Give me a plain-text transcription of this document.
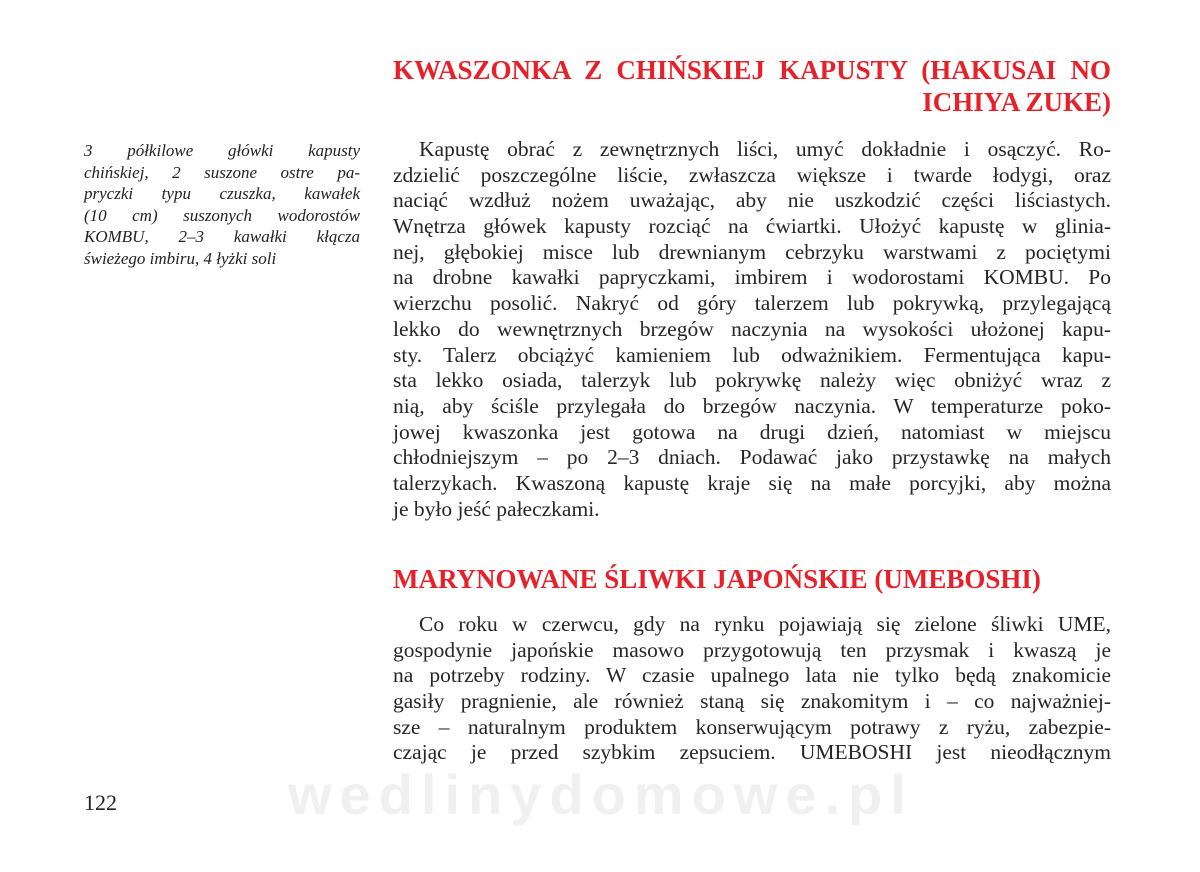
KWASZONKA Z CHIŃSKIEJ KAPUSTY (HAKUSAI NO
ICHIYA ZUKE)
3 półkilowe główki kapusty
chińskiej, 2 suszone ostre pa-
pryczki typu czuszka, kawałek
(10 cm) suszonych wodorostów
KOMBU, 2–3 kawałki kłącza
świeżego imbiru, 4 łyżki soli
Kapustę obrać z zewnętrznych liści, umyć dokładnie i osączyć. Ro-
zdzielić poszczególne liście, zwłaszcza większe i twarde łodygi, oraz
naciąć wzdłuż nożem uważając, aby nie uszkodzić części liściastych.
Wnętrza główek kapusty rozciąć na ćwiartki. Ułożyć kapustę w glinia-
nej, głębokiej misce lub drewnianym cebrzyku warstwami z pociętymi
na drobne kawałki papryczkami, imbirem i wodorostami KOMBU. Po
wierzchu posolić. Nakryć od góry talerzem lub pokrywką, przylegającą
lekko do wewnętrznych brzegów naczynia na wysokości ułożonej kapu-
sty. Talerz obciążyć kamieniem lub odważnikiem. Fermentująca kapu-
sta lekko osiada, talerzyk lub pokrywkę należy więc obniżyć wraz z
nią, aby ściśle przylegała do brzegów naczynia. W temperaturze poko-
jowej kwaszonka jest gotowa na drugi dzień, natomiast w miejscu
chłodniejszym – po 2–3 dniach. Podawać jako przystawkę na małych
talerzykach. Kwaszoną kapustę kraje się na małe porcyjki, aby można
je było jeść pałeczkami.
MARYNOWANE ŚLIWKI JAPOŃSKIE (UMEBOSHI)
Co roku w czerwcu, gdy na rynku pojawiają się zielone śliwki UME,
gospodynie japońskie masowo przygotowują ten przysmak i kwaszą je
na potrzeby rodziny. W czasie upalnego lata nie tylko będą znakomicie
gasiły pragnienie, ale również staną się znakomitym i – co najważniej-
sze – naturalnym produktem konserwującym potrawy z ryżu, zabezpie-
czając je przed szybkim zepsuciem. UMEBOSHI jest nieodłącznym
122	wedlinydomowe.pl
